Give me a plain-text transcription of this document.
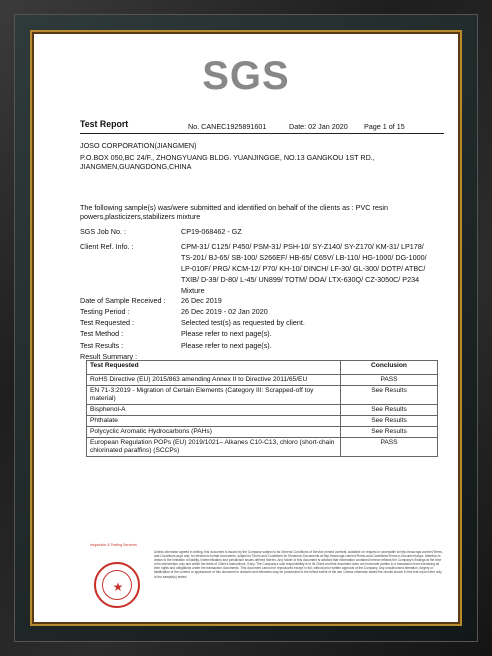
SGS
Test Report	No. CANEC1925891601	Date: 02 Jan 2020 Page 1 of 15
JOSO CORPORATION(JIANGMEN)
P.O.BOX 050,BC 24/F., ZHONGYUANG BLDG. YUANJINGGE, NO.13 GANGKOU 1ST RD.,
JIANGMEN,GUANGDONG,CHINA
The following sample(s) was/were submitted and identified on behalf of the clients as : PVC resin
powers,plasticizers,stabilizers mixture
SGS Job No. :	CP19-068462 - GZ
Client Ref. Info. :	CPM-31/ C125/ P450/ PSM-31/ PSH-10/ SY-Z140/ SY-Z170/ KM-31/ LP178/
TS-201/ BJ-65/ SB-100/ S266EF/ HB-65/ C65V/ LB-110/ HG-1000/ DG-1000/
LP-010F/ PRG/ KCM-12/ P70/ KH-10/ DINCH/ LF-30/ GL-300/ DOTP/ ATBC/
TXIB/ D-39/ D-80/ L-45/ UN899/ TOTM/ DOA/ LTX-630Q/ CZ-3050C/ P234
Mixture
Date of Sample Received : 26 Dec 2019
Testing Period :	26 Dec 2019 - 02 Jan 2020
Test Requested :	Selected test(s) as requested by client.
Test Method :	Please refer to next page(s).
Test Results :	Please refer to next page(s).
Result Summary :
Test Requested	Conclusion
RoHS Directive (EU) 2015/863 amending Annex II to Directive 2011/65/EU	PASS
EN 71-3:2019 - Migration of Certain Elements (Category III: Scrapped-off toy material)	See Results
Bisphenol-A	See Results
Phthalate	See Results
Polycyclic Aromatic Hydrocarbons (PAHs)	See Results
European Regulation POPs (EU) 2019/1021– Alkanes C10-C13, chloro (short-chain chlorinated paraffins) (SCCPs)	PASS
Inspection & Testing Services
★
Unless otherwise agreed in writing, this document is issued by the Company subject to its General Conditions of Service printed overleaf, available on request or accessible at http://www.sgs.com/en/Terms-and-Conditions.aspx and, for electronic format documents, subject to Terms and Conditions for Electronic Documents at http://www.sgs.com/en/Terms-and-Conditions/Terms-e-Document.aspx. Attention is drawn to the limitation of liability, indemnification and jurisdiction issues defined therein. Any holder of this document is advised that information contained hereon reflects the Company's findings at the time of its intervention only and within the limits of Client's instructions, if any. The Company's sole responsibility is to its Client and this document does not exonerate parties to a transaction from exercising all their rights and obligations under the transaction documents. This document cannot be reproduced except in full, without prior written approval of the Company. Any unauthorized alteration, forgery or falsification of the content or appearance of this document is unlawful and offenders may be prosecuted to the fullest extent of the law. Unless otherwise stated the results shown in this test report refer only to the sample(s) tested.
